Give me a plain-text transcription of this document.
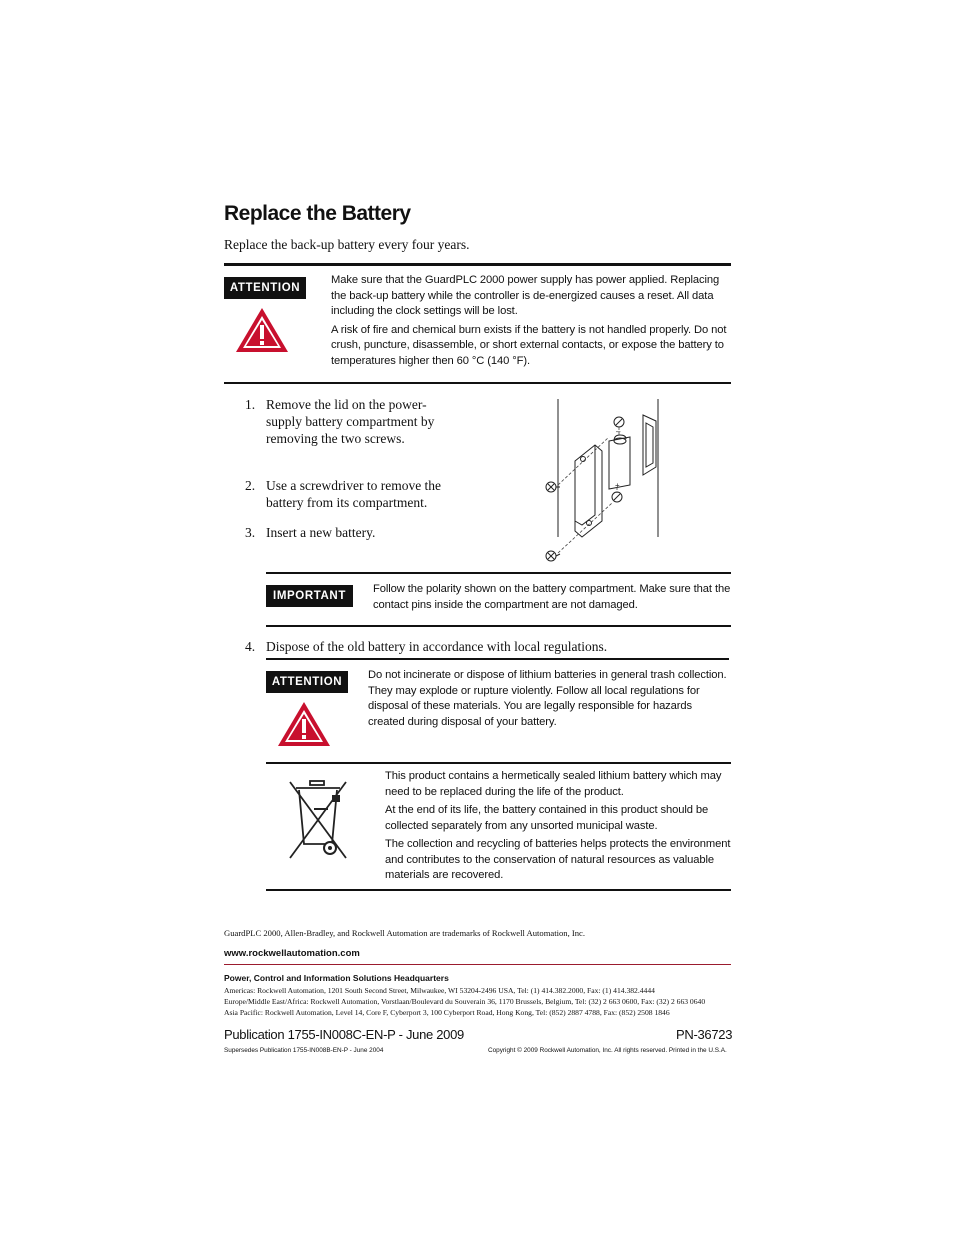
Replace the Battery
Replace the back-up battery every four years.
ATTENTION

Make sure that the GuardPLC 2000 power supply has power applied. Replacing the back-up battery while the controller is de-energized causes a reset. All data including the clock settings will be lost.

A risk of fire and chemical burn exists if the battery is not handled properly. Do not crush, puncture, disassemble, or short external contacts, or expose the battery to temperatures higher then 60 °C (140 °F).

1. Remove the lid on the power-supply battery compartment by removing the two screws.
2. Use a screwdriver to remove the battery from its compartment.
3. Insert a new battery.
–
+
IMPORTANT
Follow the polarity shown on the battery compartment. Make sure that the contact pins inside the compartment are not damaged.
4. Dispose of the old battery in accordance with local regulations.
ATTENTION
Do not incinerate or dispose of lithium batteries in general trash collection. They may explode or rupture violently. Follow all local regulations for disposal of these materials. You are legally responsible for hazards created during disposal of your battery.

This product contains a hermetically sealed lithium battery which may need to be replaced during the life of the product.

At the end of its life, the battery contained in this product should be collected separately from any unsorted municipal waste.

The collection and recycling of batteries helps protects the environment and contributes to the conservation of natural resources as valuable materials are recovered.

GuardPLC 2000, Allen-Bradley, and Rockwell Automation are trademarks of Rockwell Automation, Inc.
www.rockwellautomation.com
Power, Control and Information Solutions Headquarters
Americas: Rockwell Automation, 1201 South Second Street, Milwaukee, WI 53204-2496 USA, Tel: (1) 414.382.2000, Fax: (1) 414.382.4444
Europe/Middle East/Africa: Rockwell Automation, Vorstlaan/Boulevard du Souverain 36, 1170 Brussels, Belgium, Tel: (32) 2 663 0600, Fax: (32) 2 663 0640
Asia Pacific: Rockwell Automation, Level 14, Core F, Cyberport 3, 100 Cyberport Road, Hong Kong, Tel: (852) 2887 4788, Fax: (852) 2508 1846
Publication 1755-IN008C-EN-P - June 2009	PN-36723
Supersedes Publication 1755-IN008B-EN-P - June 2004	Copyright © 2009 Rockwell Automation, Inc. All rights reserved. Printed in the U.S.A.
